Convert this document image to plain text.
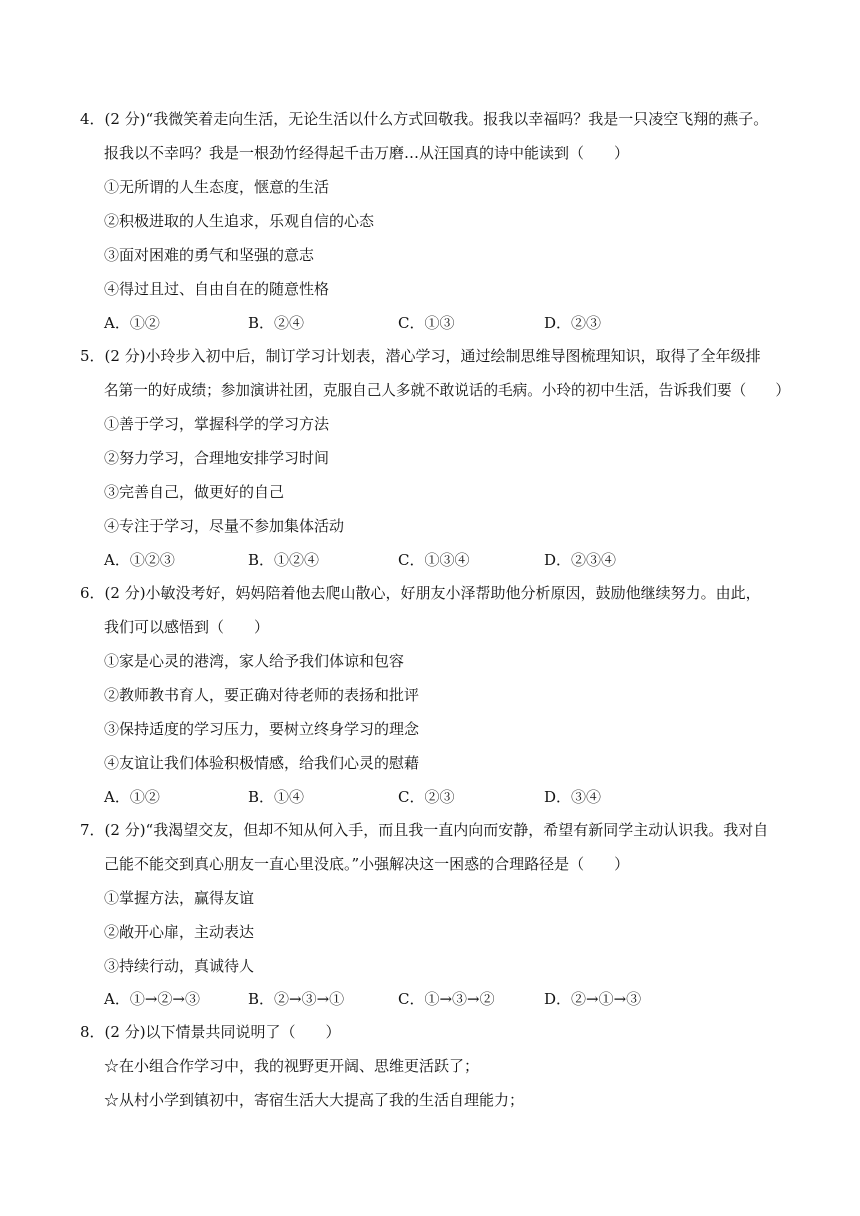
4．(2 分)“我微笑着走向生活，无论生活以什么方式回敬我。报我以幸福吗？我是一只凌空飞翔的燕子。
报我以不幸吗？我是一根劲竹经得起千击万磨…从汪国真的诗中能读到（　　）
①无所谓的人生态度，惬意的生活
②积极进取的人生追求，乐观自信的心态
③面对困难的勇气和坚强的意志
④得过且过、自由自在的随意性格
A．①②	B．②④	C．①③	D．②③
5．(2 分)小玲步入初中后，制订学习计划表，潜心学习，通过绘制思维导图梳理知识，取得了全年级排
名第一的好成绩；参加演讲社团，克服自己人多就不敢说话的毛病。小玲的初中生活，告诉我们要（　　）
①善于学习，掌握科学的学习方法
②努力学习，合理地安排学习时间
③完善自己，做更好的自己
④专注于学习，尽量不参加集体活动
A．①②③	B．①②④	C．①③④	D．②③④
6．(2 分)小敏没考好，妈妈陪着他去爬山散心，好朋友小泽帮助他分析原因，鼓励他继续努力。由此，
我们可以感悟到（　　）
①家是心灵的港湾，家人给予我们体谅和包容
②教师教书育人，要正确对待老师的表扬和批评
③保持适度的学习压力，要树立终身学习的理念
④友谊让我们体验积极情感，给我们心灵的慰藉
A．①②	B．①④	C．②③	D．③④
7．(2 分)“我渴望交友，但却不知从何入手，而且我一直内向而安静，希望有新同学主动认识我。我对自
己能不能交到真心朋友一直心里没底。”小强解决这一困惑的合理路径是（　　）
①掌握方法，赢得友谊
②敞开心扉，主动表达
③持续行动，真诚待人
A．①→②→③	B．②→③→①	C．①→③→②	D．②→①→③
8．(2 分)以下情景共同说明了（　　）
☆在小组合作学习中，我的视野更开阔、思维更活跃了；
☆从村小学到镇初中，寄宿生活大大提高了我的生活自理能力；
